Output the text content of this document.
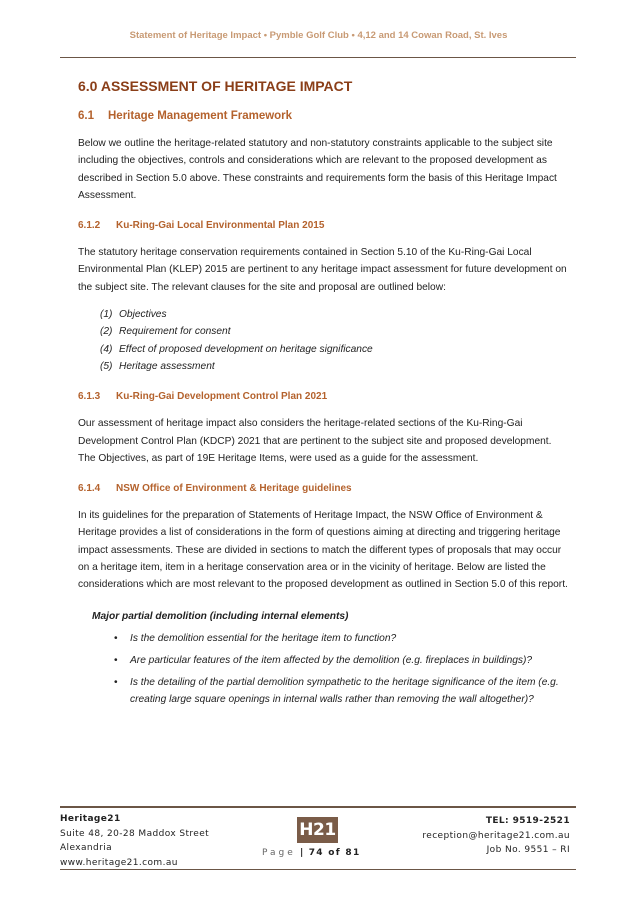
Statement of Heritage Impact • Pymble Golf Club • 4,12 and 14 Cowan Road, St. Ives
6.0 ASSESSMENT OF HERITAGE IMPACT
6.1 Heritage Management Framework

Below we outline the heritage-related statutory and non-statutory constraints applicable to the subject site including the objectives, controls and considerations which are relevant to the proposed development as described in Section 5.0 above. These constraints and requirements form the basis of this Heritage Impact Assessment.

6.1.2 Ku-Ring-Gai Local Environmental Plan 2015

The statutory heritage conservation requirements contained in Section 5.10 of the Ku-Ring-Gai Local Environmental Plan (KLEP) 2015 are pertinent to any heritage impact assessment for future development on the subject site. The relevant clauses for the site and proposal are outlined below:

(1) Objectives
(2) Requirement for consent
(4) Effect of proposed development on heritage significance
(5) Heritage assessment
6.1.3 Ku-Ring-Gai Development Control Plan 2021

Our assessment of heritage impact also considers the heritage-related sections of the Ku-Ring-Gai Development Control Plan (KDCP) 2021 that are pertinent to the subject site and proposed development. The Objectives, as part of 19E Heritage Items, were used as a guide for the assessment.

6.1.4 NSW Office of Environment & Heritage guidelines

In its guidelines for the preparation of Statements of Heritage Impact, the NSW Office of Environment & Heritage provides a list of considerations in the form of questions aiming at directing and triggering heritage impact assessments. These are divided in sections to match the different types of proposals that may occur on a heritage item, item in a heritage conservation area or in the vicinity of heritage. Below are listed the considerations which are most relevant to the proposed development as outlined in Section 5.0 of this report.

Major partial demolition (including internal elements)
• Is the demolition essential for the heritage item to function?
• Are particular features of the item affected by the demolition (e.g. fireplaces in buildings)?
• Is the detailing of the partial demolition sympathetic to the heritage significance of the item (e.g. creating large square openings in internal walls rather than removing the wall altogether)?
Heritage21
Suite 48, 20-28 Maddox Street
Alexandria
www.heritage21.com.au
H21
Page | 74 of 81
TEL: 9519-2521
reception@heritage21.com.au
Job No. 9551 – RI
